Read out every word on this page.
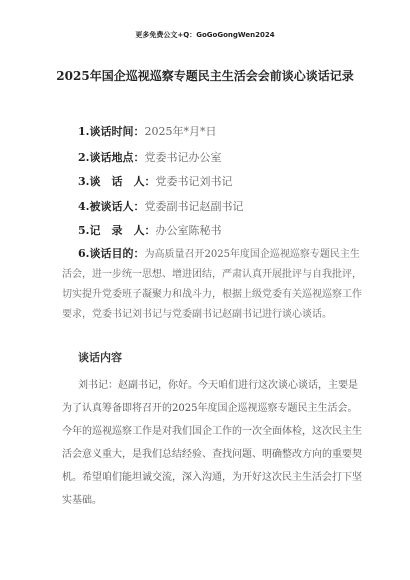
更多免费公文+Q：GoGoGongWen2024
2025年国企巡视巡察专题民主生活会会前谈心谈话记录
1.谈话时间：2025年*月*日
2.谈话地点：党委书记办公室
3.谈　话　人：党委书记刘书记
4.被谈话人：党委副书记赵副书记
5.记　录　人：办公室陈秘书
6.谈话目的：为高质量召开2025年度国企巡视巡察专题民主生活会，进一步统一思想、增进团结，严肃认真开展批评与自我批评，切实提升党委班子凝聚力和战斗力，根据上级党委有关巡视巡察工作要求，党委书记刘书记与党委副书记赵副书记进行谈心谈话。
谈话内容
刘书记：赵副书记，你好。今天咱们进行这次谈心谈话，主要是为了认真筹备即将召开的2025年度国企巡视巡察专题民主生活会。今年的巡视巡察工作是对我们国企工作的一次全面体检，这次民主生活会意义重大，是我们总结经验、查找问题、明确整改方向的重要契机。希望咱们能坦诚交流，深入沟通，为开好这次民主生活会打下坚实基础。
